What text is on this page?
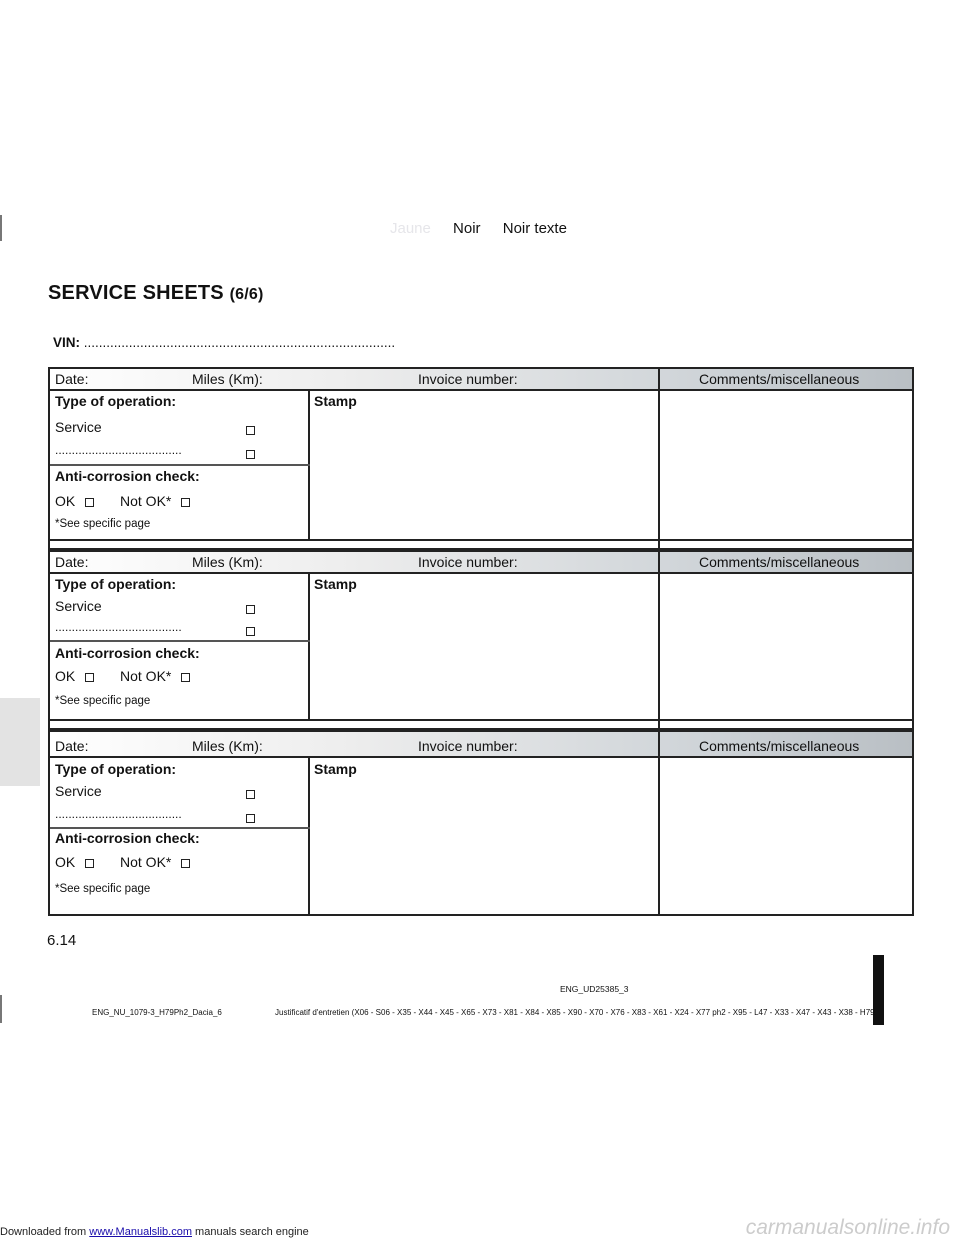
Jaune Noir Noir texte
SERVICE SHEETS (6/6)
VIN: ...................................................................................
Date:	Miles (Km):	Invoice number:	Comments/miscellaneous
Type of operation:	Stamp
Service
......................................
Anti-corrosion check:
OK	Not OK*
*See specific page
Date:	Miles (Km):	Invoice number:	Comments/miscellaneous
Type of operation:	Stamp
Service
......................................
Anti-corrosion check:
OK	Not OK*
*See specific page
Date:	Miles (Km):	Invoice number:	Comments/miscellaneous
Type of operation:	Stamp
Service
......................................
Anti-corrosion check:
OK	Not OK*
*See specific page
6.14
ENG_UD25385_3
ENG_NU_1079-3_H79Ph2_Dacia_6	Justificatif d'entretien (X06 - S06 - X35 - X44 - X45 - X65 - X73 - X81 - X84 - X85 - X90 - X70 - X76 - X83 - X61 - X24 - X77 ph2 - X95 - L47 - X33 - X47 - X43 - X38 - H79
Downloaded from www.Manualslib.com manuals search engine	carmanualsonline.info
